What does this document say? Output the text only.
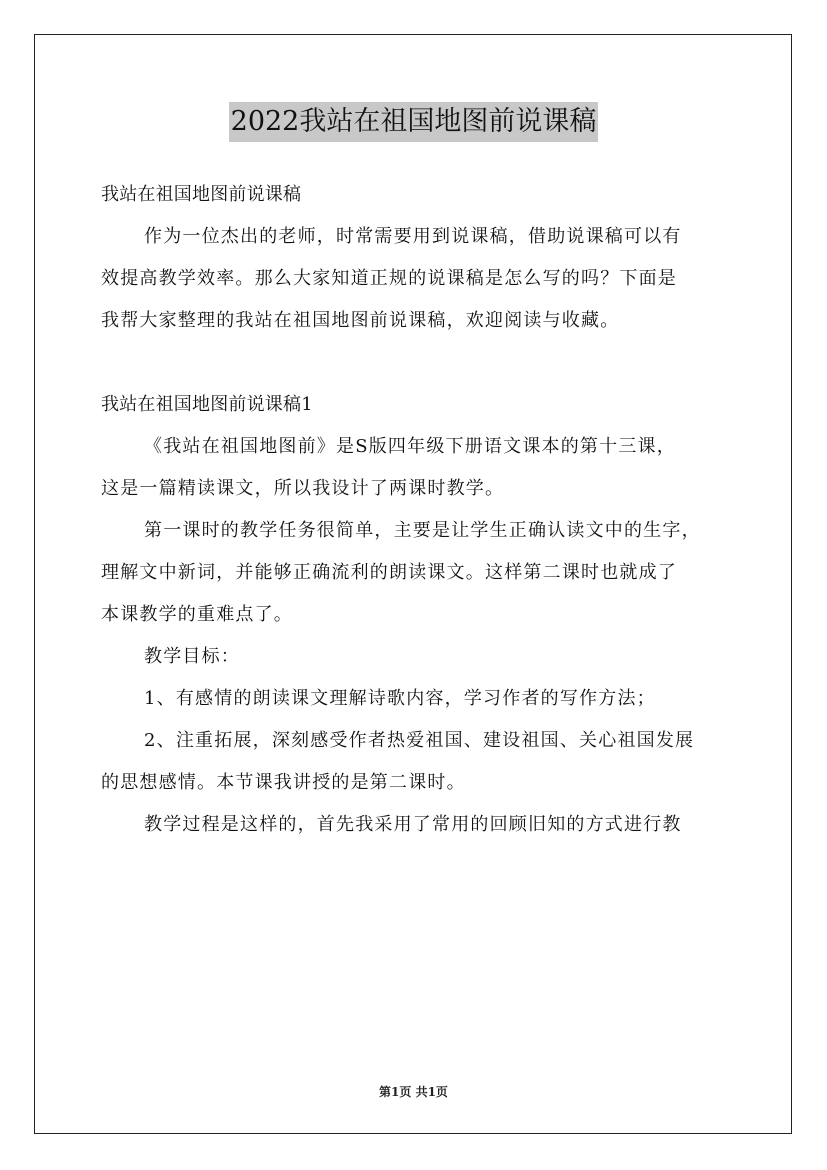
2022我站在祖国地图前说课稿
我站在祖国地图前说课稿
作为一位杰出的老师，时常需要用到说课稿，借助说课稿可以有
效提高教学效率。那么大家知道正规的说课稿是怎么写的吗？下面是
我帮大家整理的我站在祖国地图前说课稿，欢迎阅读与收藏。
我站在祖国地图前说课稿1
《我站在祖国地图前》是S版四年级下册语文课本的第十三课，
这是一篇精读课文，所以我设计了两课时教学。
第一课时的教学任务很简单，主要是让学生正确认读文中的生字，
理解文中新词，并能够正确流利的朗读课文。这样第二课时也就成了
本课教学的重难点了。
教学目标：
1、有感情的朗读课文理解诗歌内容，学习作者的写作方法；
2、注重拓展，深刻感受作者热爱祖国、建设祖国、关心祖国发展
的思想感情。本节课我讲授的是第二课时。
教学过程是这样的，首先我采用了常用的回顾旧知的方式进行教
第1页 共1页
